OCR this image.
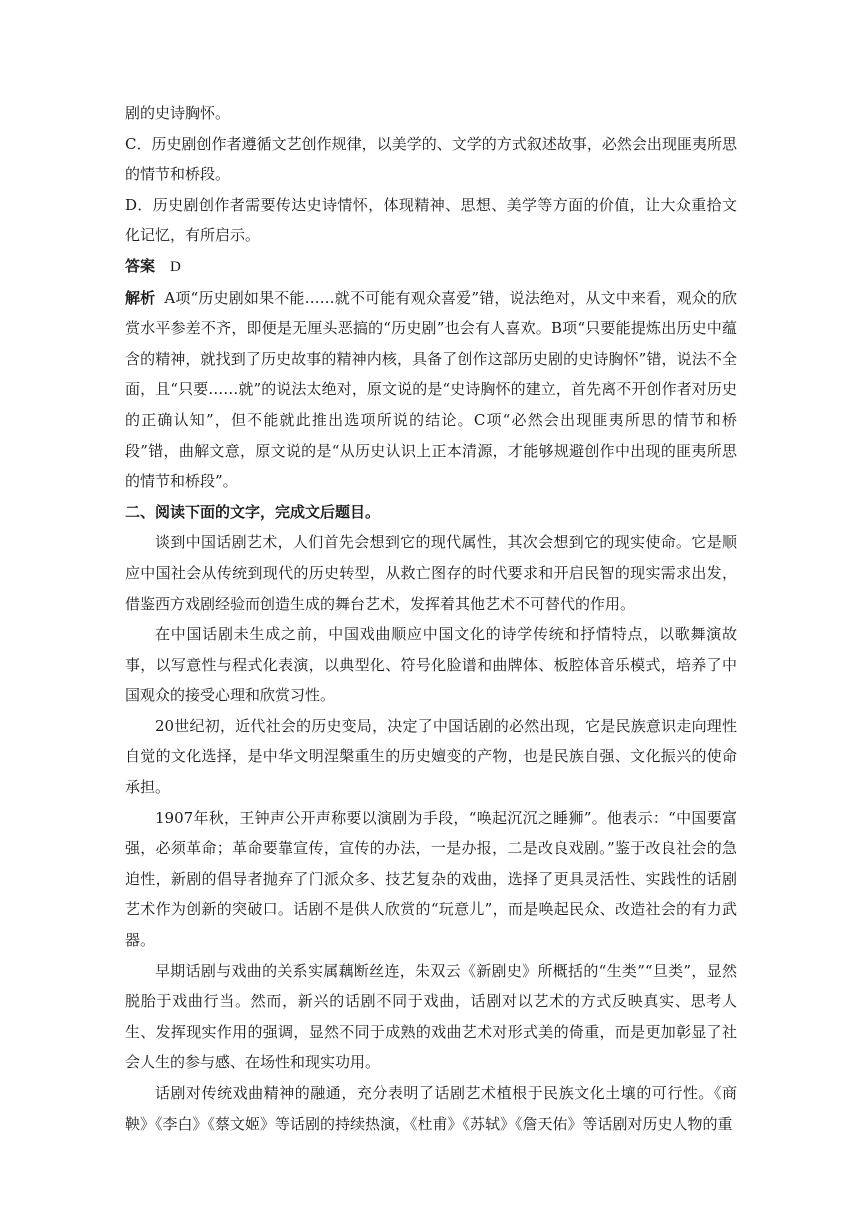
剧的史诗胸怀。

C．历史剧创作者遵循文艺创作规律，以美学的、文学的方式叙述故事，必然会出现匪夷所思的情节和桥段。

D．历史剧创作者需要传达史诗情怀，体现精神、思想、美学等方面的价值，让大众重拾文化记忆，有所启示。

答案 D

解析 A项“历史剧如果不能……就不可能有观众喜爱”错，说法绝对，从文中来看，观众的欣赏水平参差不齐，即便是无厘头恶搞的“历史剧”也会有人喜欢。B项“只要能提炼出历史中蕴含的精神，就找到了历史故事的精神内核，具备了创作这部历史剧的史诗胸怀”错，说法不全面，且“只要……就”的说法太绝对，原文说的是“史诗胸怀的建立，首先离不开创作者对历史的正确认知”，但不能就此推出选项所说的结论。C项“必然会出现匪夷所思的情节和桥段”错，曲解文意，原文说的是“从历史认识上正本清源，才能够规避创作中出现的匪夷所思的情节和桥段”。

二、阅读下面的文字，完成文后题目。

谈到中国话剧艺术，人们首先会想到它的现代属性，其次会想到它的现实使命。它是顺应中国社会从传统到现代的历史转型，从救亡图存的时代要求和开启民智的现实需求出发，借鉴西方戏剧经验而创造生成的舞台艺术，发挥着其他艺术不可替代的作用。

在中国话剧未生成之前，中国戏曲顺应中国文化的诗学传统和抒情特点，以歌舞演故事，以写意性与程式化表演，以典型化、符号化脸谱和曲牌体、板腔体音乐模式，培养了中国观众的接受心理和欣赏习性。

20世纪初，近代社会的历史变局，决定了中国话剧的必然出现，它是民族意识走向理性自觉的文化选择，是中华文明涅槃重生的历史嬗变的产物，也是民族自强、文化振兴的使命承担。

1907年秋，王钟声公开声称要以演剧为手段，“唤起沉沉之睡狮”。他表示：“中国要富强，必须革命；革命要靠宣传，宣传的办法，一是办报，二是改良戏剧。”鉴于改良社会的急迫性，新剧的倡导者抛弃了门派众多、技艺复杂的戏曲，选择了更具灵活性、实践性的话剧艺术作为创新的突破口。话剧不是供人欣赏的“玩意儿”，而是唤起民众、改造社会的有力武器。

早期话剧与戏曲的关系实属藕断丝连，朱双云《新剧史》所概括的“生类”“旦类”，显然脱胎于戏曲行当。然而，新兴的话剧不同于戏曲，话剧对以艺术的方式反映真实、思考人生、发挥现实作用的强调，显然不同于成熟的戏曲艺术对形式美的倚重，而是更加彰显了社会人生的参与感、在场性和现实功用。

话剧对传统戏曲精神的融通，充分表明了话剧艺术植根于民族文化土壤的可行性。《商鞅》《李白》《蔡文姬》等话剧的持续热演，《杜甫》《苏轼》《詹天佑》等话剧对历史人物的重
